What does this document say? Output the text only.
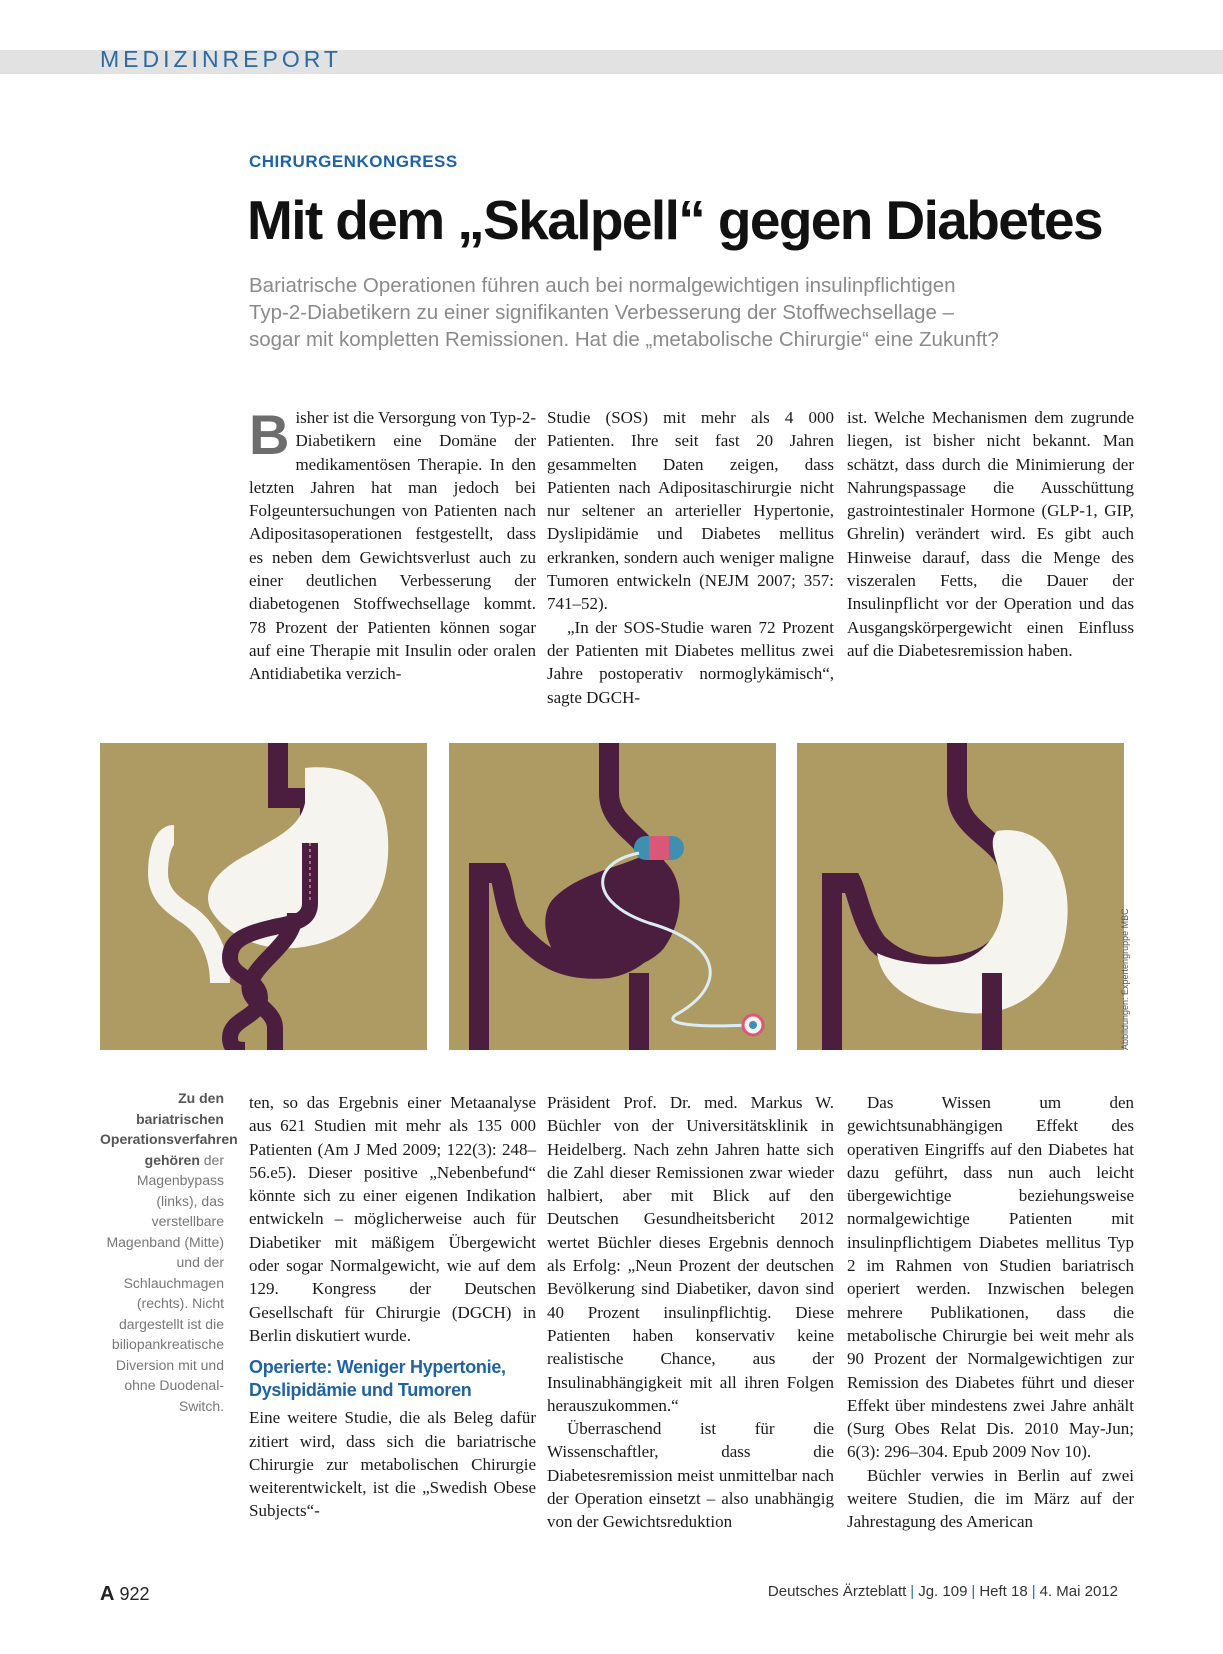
MEDIZINREPORT
CHIRURGENKONGRESS
Mit dem „Skalpell“ gegen Diabetes
Bariatrische Operationen führen auch bei normalgewichtigen insulinpflichtigen
Typ-2-Diabetikern zu einer signifikanten Verbesserung der Stoffwechsellage –
sogar mit kompletten Remissionen. Hat die „metabolische Chirurgie“ eine Zukunft?

Bisher ist die Versorgung von Typ-2-Diabetikern eine Domäne der medikamentösen Therapie. In den letzten Jahren hat man jedoch bei Folgeuntersuchungen von Patienten nach Adipositasoperationen festgestellt, dass es neben dem Gewichtsverlust auch zu einer deutlichen Verbesserung der diabetogenen Stoffwechsellage kommt. 78 Prozent der Patienten können sogar auf eine Therapie mit Insulin oder oralen Antidiabetika verzich-

Studie (SOS) mit mehr als 4 000 Patienten. Ihre seit fast 20 Jahren gesammelten Daten zeigen, dass Patienten nach Adipositaschirurgie nicht nur seltener an arterieller Hypertonie, Dyslipidämie und Diabetes mellitus erkranken, sondern auch weniger maligne Tumoren entwickeln (NEJM 2007; 357: 741–52).

„In der SOS-Studie waren 72 Prozent der Patienten mit Diabetes mellitus zwei Jahre postoperativ normoglykämisch“, sagte DGCH-

ist. Welche Mechanismen dem zugrunde liegen, ist bisher nicht bekannt. Man schätzt, dass durch die Minimierung der Nahrungspassage die Ausschüttung gastrointestinaler Hormone (GLP-1, GIP, Ghrelin) verändert wird. Es gibt auch Hinweise darauf, dass die Menge des viszeralen Fetts, die Dauer der Insulinpflicht vor der Operation und das Ausgangskörpergewicht einen Einfluss auf die Diabetesremission haben.

Abbildungen: Expertengruppe MBC
Zu den bariatrischen Operationsverfahren gehören der Magenbypass (links), das verstellbare Magenband (Mitte) und der Schlauchmagen (rechts). Nicht dargestellt ist die biliopankreatische Diversion mit und ohne Duodenal-Switch.

ten, so das Ergebnis einer Metaanalyse aus 621 Studien mit mehr als 135 000 Patienten (Am J Med 2009; 122(3): 248–56.e5). Dieser positive „Nebenbefund“ könnte sich zu einer eigenen Indikation entwickeln – möglicherweise auch für Diabetiker mit mäßigem Übergewicht oder sogar Normalgewicht, wie auf dem 129. Kongress der Deutschen Gesellschaft für Chirurgie (DGCH) in Berlin diskutiert wurde.

Operierte: Weniger Hypertonie, Dyslipidämie und Tumoren

Eine weitere Studie, die als Beleg dafür zitiert wird, dass sich die bariatrische Chirurgie zur metabolischen Chirurgie weiterentwickelt, ist die „Swedish Obese Subjects“-

Präsident Prof. Dr. med. Markus W. Büchler von der Universitätsklinik in Heidelberg. Nach zehn Jahren hatte sich die Zahl dieser Remissionen zwar wieder halbiert, aber mit Blick auf den Deutschen Gesundheitsbericht 2012 wertet Büchler dieses Ergebnis dennoch als Erfolg: „Neun Prozent der deutschen Bevölkerung sind Diabetiker, davon sind 40 Prozent insulinpflichtig. Diese Patienten haben konservativ keine realistische Chance, aus der Insulinabhängigkeit mit all ihren Folgen herauszukommen.“

Überraschend ist für die Wissenschaftler, dass die Diabetesremission meist unmittelbar nach der Operation einsetzt – also unabhängig von der Gewichtsreduktion

Das Wissen um den gewichtsunabhängigen Effekt des operativen Eingriffs auf den Diabetes hat dazu geführt, dass nun auch leicht übergewichtige beziehungsweise normalgewichtige Patienten mit insulinpflichtigem Diabetes mellitus Typ 2 im Rahmen von Studien bariatrisch operiert werden. Inzwischen belegen mehrere Publikationen, dass die metabolische Chirurgie bei weit mehr als 90 Prozent der Normalgewichtigen zur Remission des Diabetes führt und dieser Effekt über mindestens zwei Jahre anhält (Surg Obes Relat Dis. 2010 May-Jun; 6(3): 296–304. Epub 2009 Nov 10).

Büchler verwies in Berlin auf zwei weitere Studien, die im März auf der Jahrestagung des American

A 922	Deutsches Ärzteblatt | Jg. 109 | Heft 18 | 4. Mai 2012
